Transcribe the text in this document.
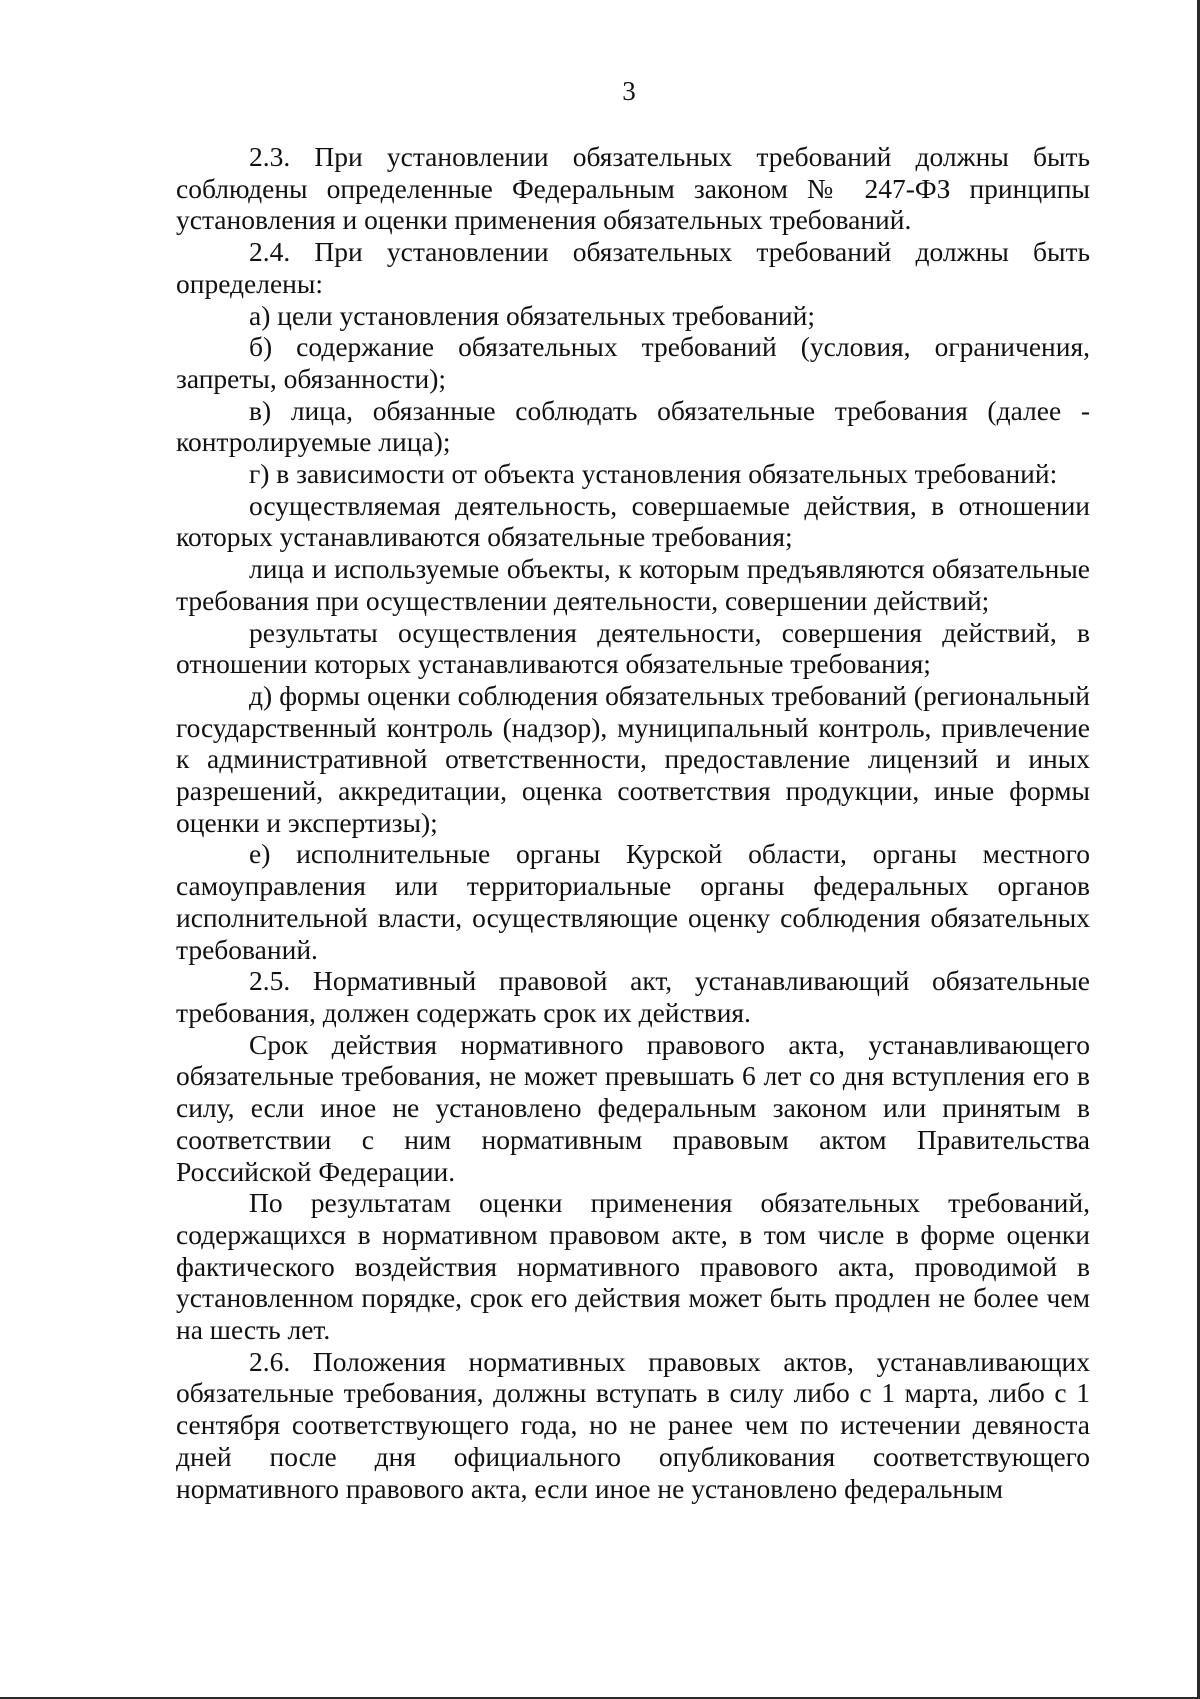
3

2.3. При установлении обязательных требований должны быть соблюдены определенные Федеральным законом № 247-ФЗ принципы установления и оценки применения обязательных требований.

2.4. При установлении обязательных требований должны быть определены:

а) цели установления обязательных требований;

б) содержание обязательных требований (условия, ограничения, запреты, обязанности);

в) лица, обязанные соблюдать обязательные требования (далее - контролируемые лица);

г) в зависимости от объекта установления обязательных требований:

осуществляемая деятельность, совершаемые действия, в отношении которых устанавливаются обязательные требования;

лица и используемые объекты, к которым предъявляются обязательные требования при осуществлении деятельности, совершении действий;

результаты осуществления деятельности, совершения действий, в отношении которых устанавливаются обязательные требования;

д) формы оценки соблюдения обязательных требований (региональный государственный контроль (надзор), муниципальный контроль, привлечение к административной ответственности, предоставление лицензий и иных разрешений, аккредитации, оценка соответствия продукции, иные формы оценки и экспертизы);

е) исполнительные органы Курской области, органы местного самоуправления или территориальные органы федеральных органов исполнительной власти, осуществляющие оценку соблюдения обязательных требований.

2.5. Нормативный правовой акт, устанавливающий обязательные требования, должен содержать срок их действия.

Срок действия нормативного правового акта, устанавливающего обязательные требования, не может превышать 6 лет со дня вступления его в силу, если иное не установлено федеральным законом или принятым в соответствии с ним нормативным правовым актом Правительства Российской Федерации.

По результатам оценки применения обязательных требований, содержащихся в нормативном правовом акте, в том числе в форме оценки фактического воздействия нормативного правового акта, проводимой в установленном порядке, срок его действия может быть продлен не более чем на шесть лет.

2.6. Положения нормативных правовых актов, устанавливающих обязательные требования, должны вступать в силу либо с 1 марта, либо с 1 сентября соответствующего года, но не ранее чем по истечении девяноста дней после дня официального опубликования соответствующего нормативного правового акта, если иное не установлено федеральным
